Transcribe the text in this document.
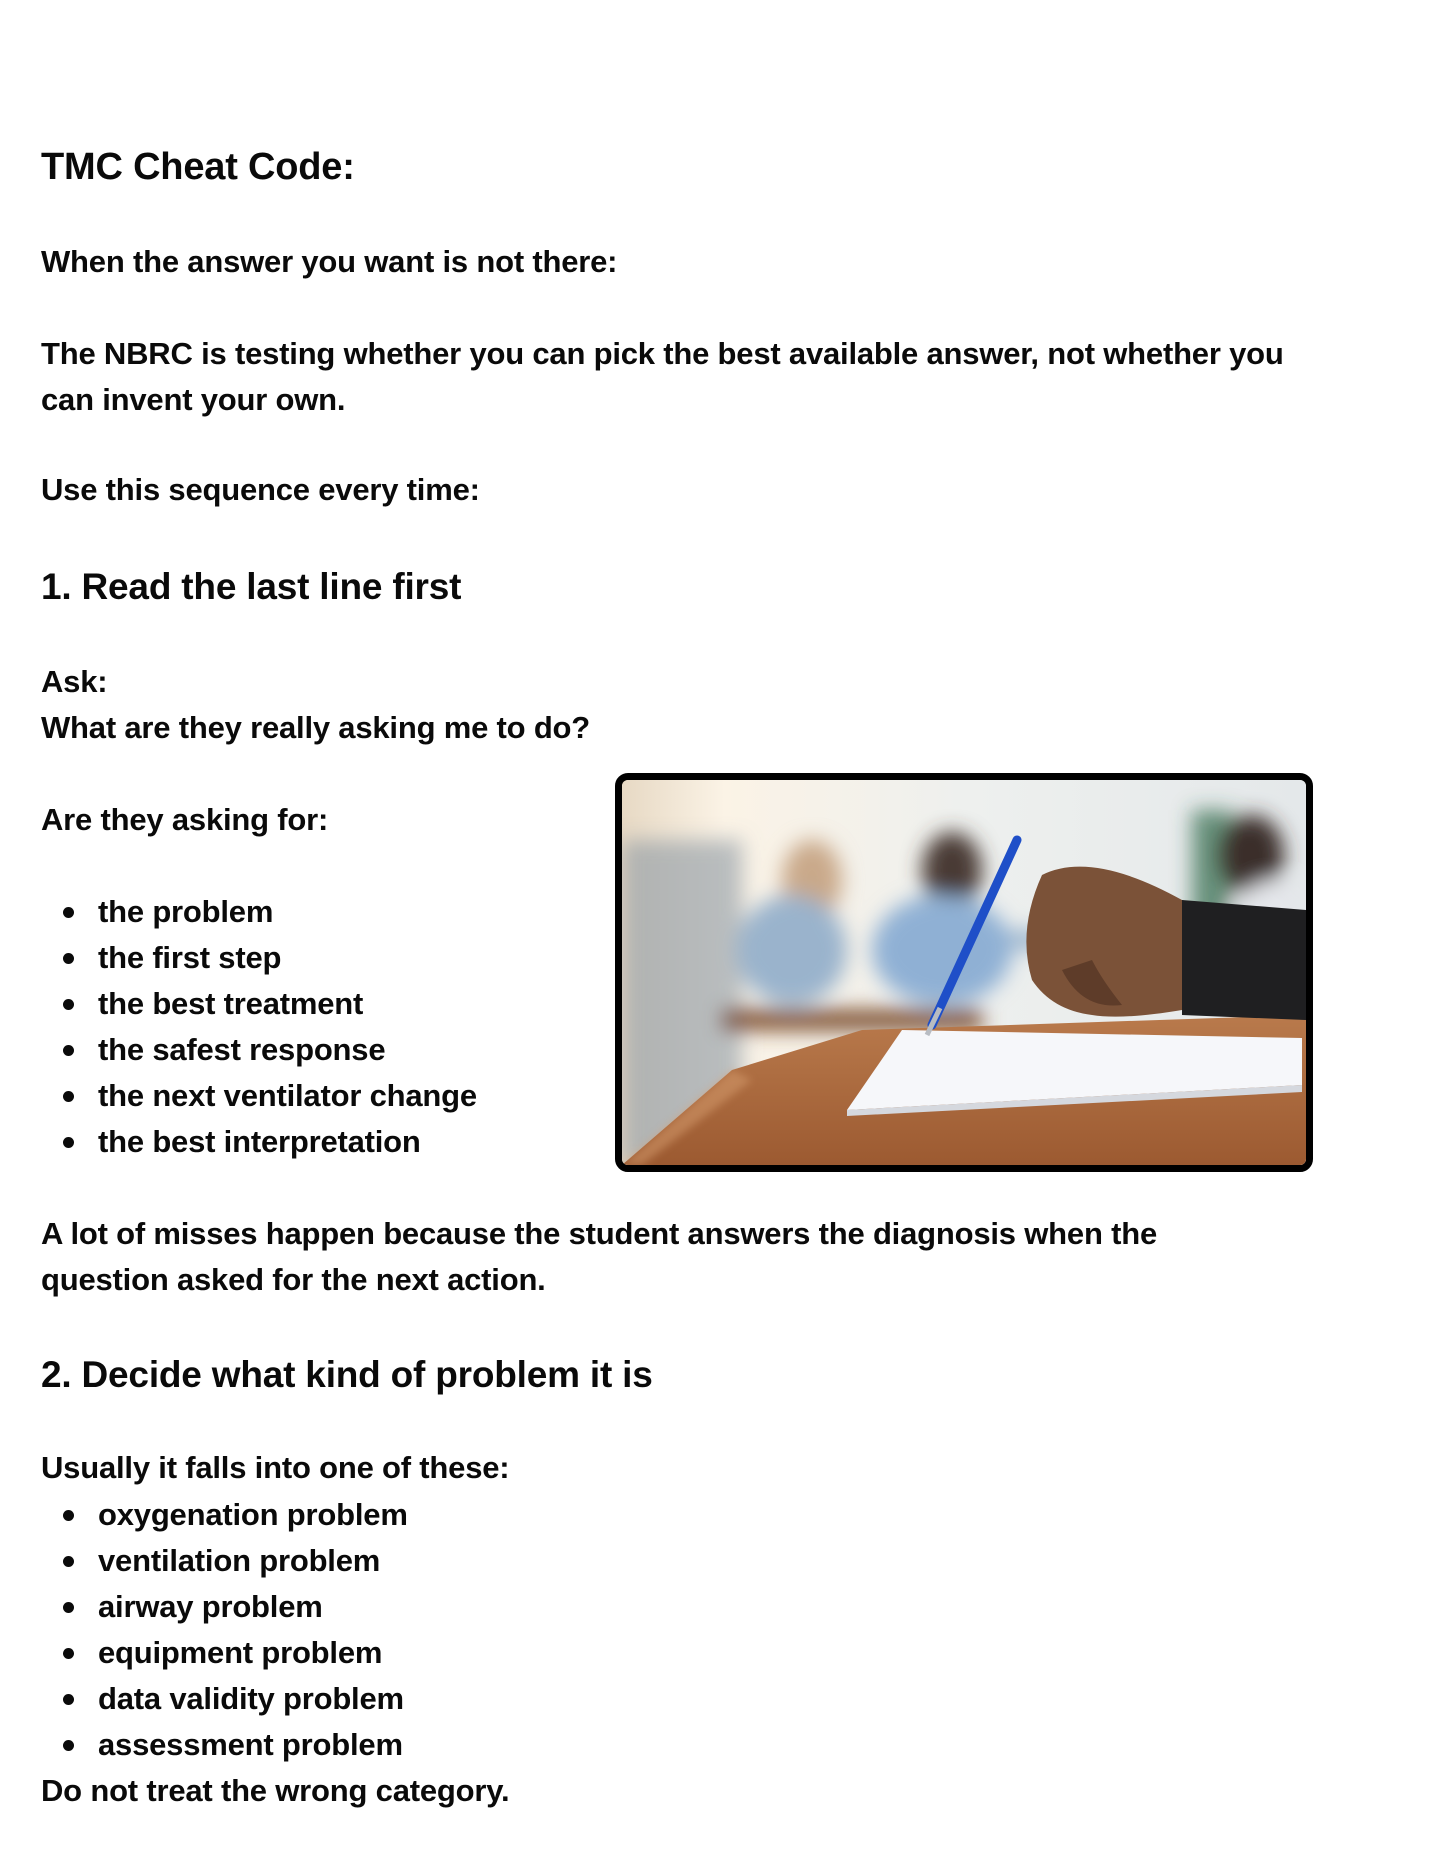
TMC Cheat Code:

When the answer you want is not there:

The NBRC is testing whether you can pick the best available answer, not whether you
can invent your own.

Use this sequence every time:

1. Read the last line first
Ask:
What are they really asking me to do?

Are they asking for:

the problem
the first step
the best treatment
the safest response
the next ventilator change
the best interpretation
A lot of misses happen because the student answers the diagnosis when the
question asked for the next action.
2. Decide what kind of problem it is

Usually it falls into one of these:

oxygenation problem
ventilation problem
airway problem
equipment problem
data validity problem
assessment problem

Do not treat the wrong category.
